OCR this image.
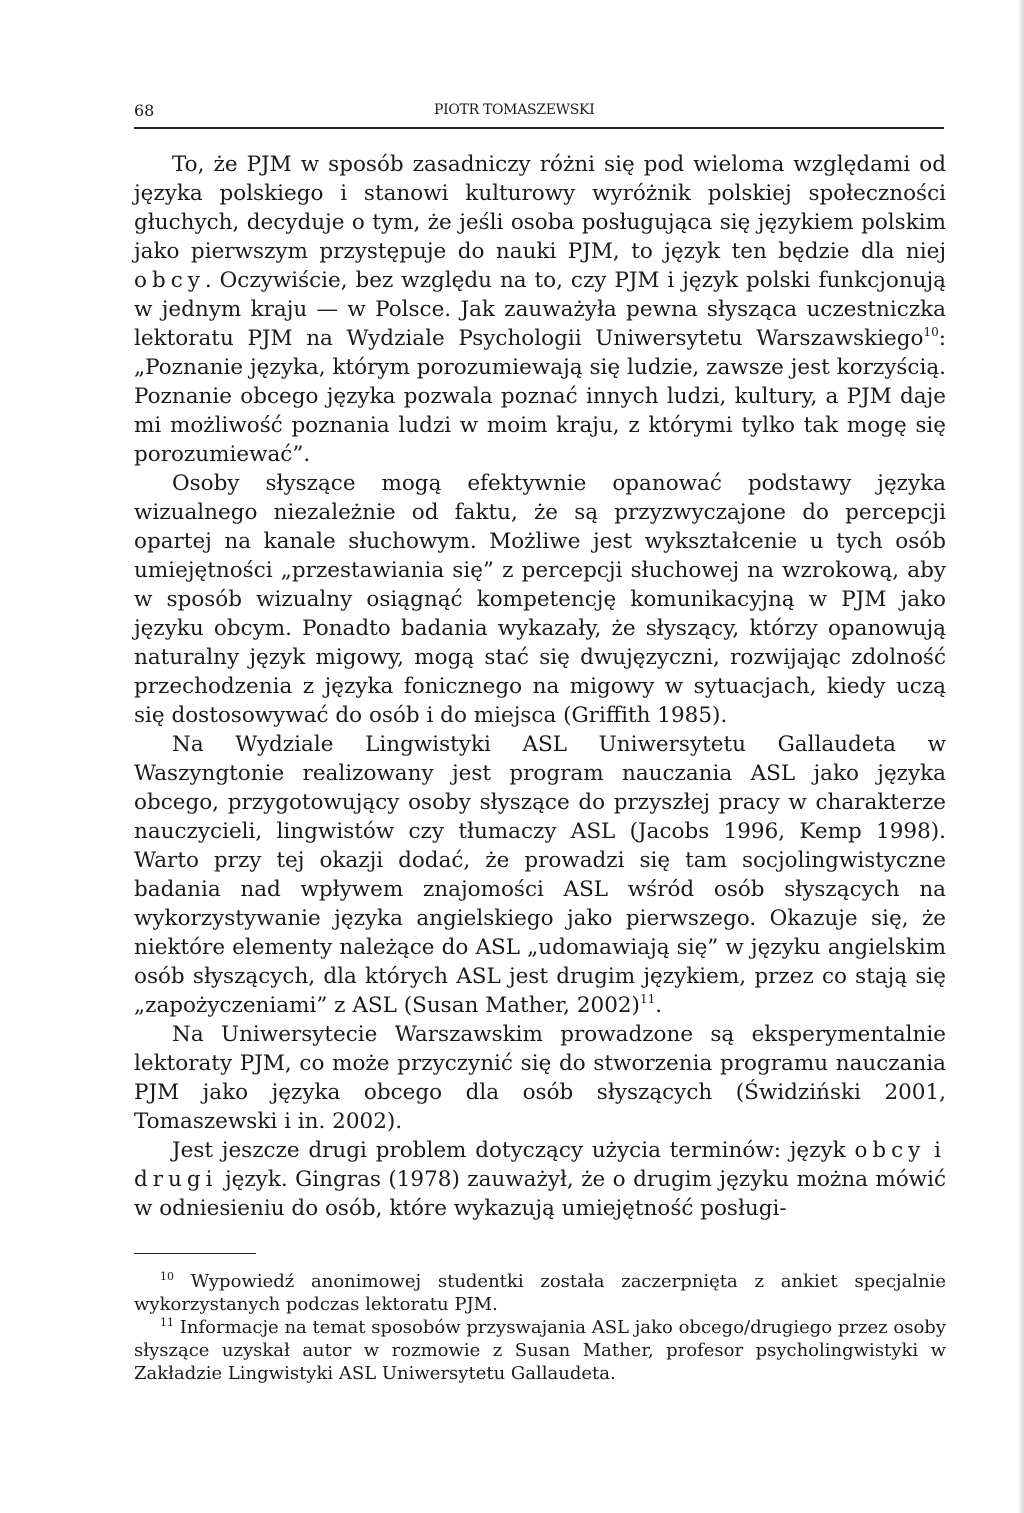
68	PIOTR TOMASZEWSKI

To, że PJM w sposób zasadniczy różni się pod wieloma względami od języka polskiego i stanowi kulturowy wyróżnik polskiej społeczności głuchych, decyduje o tym, że jeśli osoba posługująca się językiem polskim jako pierwszym przystępuje do nauki PJM, to język ten będzie dla niej obcy. Oczywiście, bez względu na to, czy PJM i język polski funkcjonują w jednym kraju — w Polsce. Jak zauważyła pewna słysząca uczestniczka lektoratu PJM na Wydziale Psychologii Uniwersytetu Warszawskiego$^{10}$: „Poznanie języka, którym porozumiewają się ludzie, zawsze jest korzyścią. Poznanie obcego języka pozwala poznać innych ludzi, kultury, a PJM daje mi możliwość poznania ludzi w moim kraju, z którymi tylko tak mogę się porozumiewać”.

Osoby słyszące mogą efektywnie opanować podstawy języka wizualnego niezależnie od faktu, że są przyzwyczajone do percepcji opartej na kanale słuchowym. Możliwe jest wykształcenie u tych osób umiejętności „przestawiania się” z percepcji słuchowej na wzrokową, aby w sposób wizualny osiągnąć kompetencję komunikacyjną w PJM jako języku obcym. Ponadto badania wykazały, że słyszący, którzy opanowują naturalny język migowy, mogą stać się dwujęzyczni, rozwijając zdolność przechodzenia z języka fonicznego na migowy w sytuacjach, kiedy uczą się dostosowywać do osób i do miejsca (Griffith 1985).

Na Wydziale Lingwistyki ASL Uniwersytetu Gallaudeta w Waszyngtonie realizowany jest program nauczania ASL jako języka obcego, przygotowujący osoby słyszące do przyszłej pracy w charakterze nauczycieli, lingwistów czy tłumaczy ASL (Jacobs 1996, Kemp 1998). Warto przy tej okazji dodać, że prowadzi się tam socjolingwistyczne badania nad wpływem znajomości ASL wśród osób słyszących na wykorzystywanie języka angielskiego jako pierwszego. Okazuje się, że niektóre elementy należące do ASL „udomawiają się” w języku angielskim osób słyszących, dla których ASL jest drugim językiem, przez co stają się „zapożyczeniami” z ASL (Susan Mather, 2002)$^{11}$.

Na Uniwersytecie Warszawskim prowadzone są eksperymentalnie lektoraty PJM, co może przyczynić się do stworzenia programu nauczania PJM jako języka obcego dla osób słyszących (Świdziński 2001, Tomaszewski i in. 2002).

Jest jeszcze drugi problem dotyczący użycia terminów: język obcy i drugi język. Gingras (1978) zauważył, że o drugim języku można mówić w odniesieniu do osób, które wykazują umiejętność posługi-

$^{10}$ Wypowiedź anonimowej studentki została zaczerpnięta z ankiet specjalnie wykorzystanych podczas lektoratu PJM.

$^{11}$ Informacje na temat sposobów przyswajania ASL jako obcego/drugiego przez osoby słyszące uzyskał autor w rozmowie z Susan Mather, profesor psycholingwistyki w Zakładzie Lingwistyki ASL Uniwersytetu Gallaudeta.
